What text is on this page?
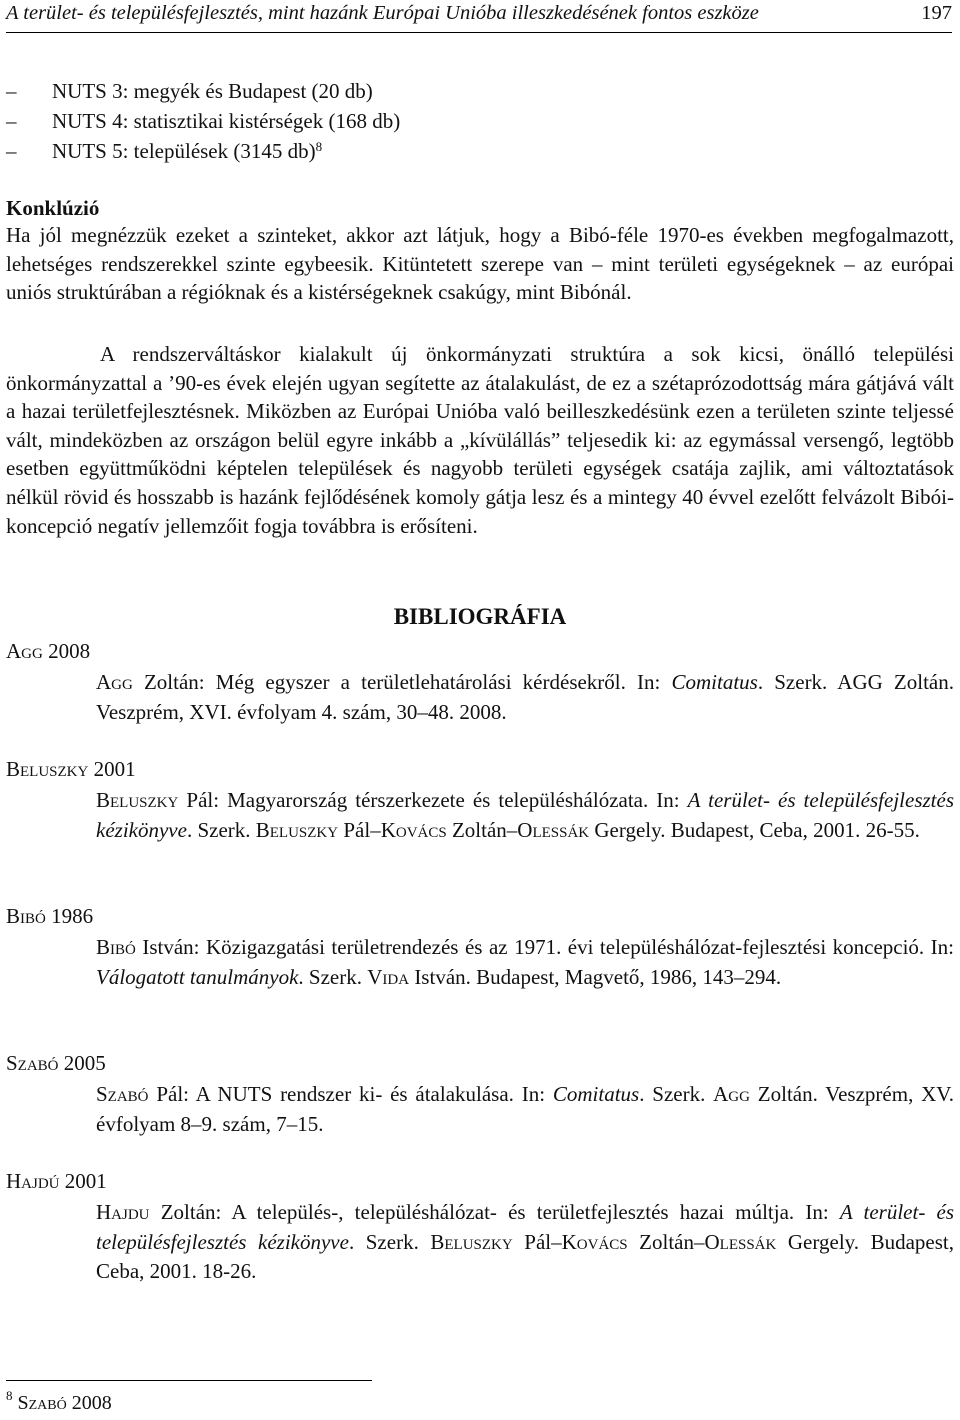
A terület- és településfejlesztés, mint hazánk Európai Unióba illeszkedésének fontos eszköze	197
–	NUTS 3: megyék és Budapest (20 db)
–	NUTS 4: statisztikai kistérségek (168 db)
–	NUTS 5: települések (3145 db)$^8$
Konklúzió

Ha jól megnézzük ezeket a szinteket, akkor azt látjuk, hogy a Bibó-féle 1970-es években megfogalmazott, lehetséges rendszerekkel szinte egybeesik. Kitüntetett szerepe van – mint területi egységeknek – az európai uniós struktúrában a régióknak és a kistérségeknek csakúgy, mint Bibónál.

A rendszerváltáskor kialakult új önkormányzati struktúra a sok kicsi, önálló települési önkormányzattal a ’90-es évek elején ugyan segítette az átalakulást, de ez a szétaprózodottság mára gátjává vált a hazai területfejlesztésnek. Miközben az Európai Unióba való beilleszkedésünk ezen a területen szinte teljessé vált, mindeközben az országon belül egyre inkább a „kívülállás” teljesedik ki: az egymással versengő, legtöbb esetben együttműködni képtelen települések és nagyobb területi egységek csatája zajlik, ami változtatások nélkül rövid és hosszabb is hazánk fejlődésének komoly gátja lesz és a mintegy 40 évvel ezelőtt felvázolt Bibói-koncepció negatív jellemzőit fogja továbbra is erősíteni.

BIBLIOGRÁFIA
Agg 2008
Agg Zoltán: Még egyszer a területlehatárolási kérdésekről. In: Comitatus. Szerk. AGG Zoltán. Veszprém, XVI. évfolyam 4. szám, 30–48. 2008.
Beluszky 2001
Beluszky Pál: Magyarország térszerkezete és településhálózata. In: A terület- és településfejlesztés kézikönyve. Szerk. Beluszky Pál–Kovács Zoltán–Olessák Gergely. Budapest, Ceba, 2001. 26-55.
Bibó 1986
Bibó István: Közigazgatási területrendezés és az 1971. évi településhálózat-fejlesztési koncepció. In: Válogatott tanulmányok. Szerk. Vida István. Budapest, Magvető, 1986, 143–294.
Szabó 2005
Szabó Pál: A NUTS rendszer ki- és átalakulása. In: Comitatus. Szerk. Agg Zoltán. Veszprém, XV. évfolyam 8–9. szám, 7–15.
Hajdú 2001
Hajdu Zoltán: A település-, településhálózat- és területfejlesztés hazai múltja. In: A terület- és településfejlesztés kézikönyve. Szerk. Beluszky Pál–Kovács Zoltán–Olessák Gergely. Budapest, Ceba, 2001. 18-26.
$^8$ Szabó 2008
